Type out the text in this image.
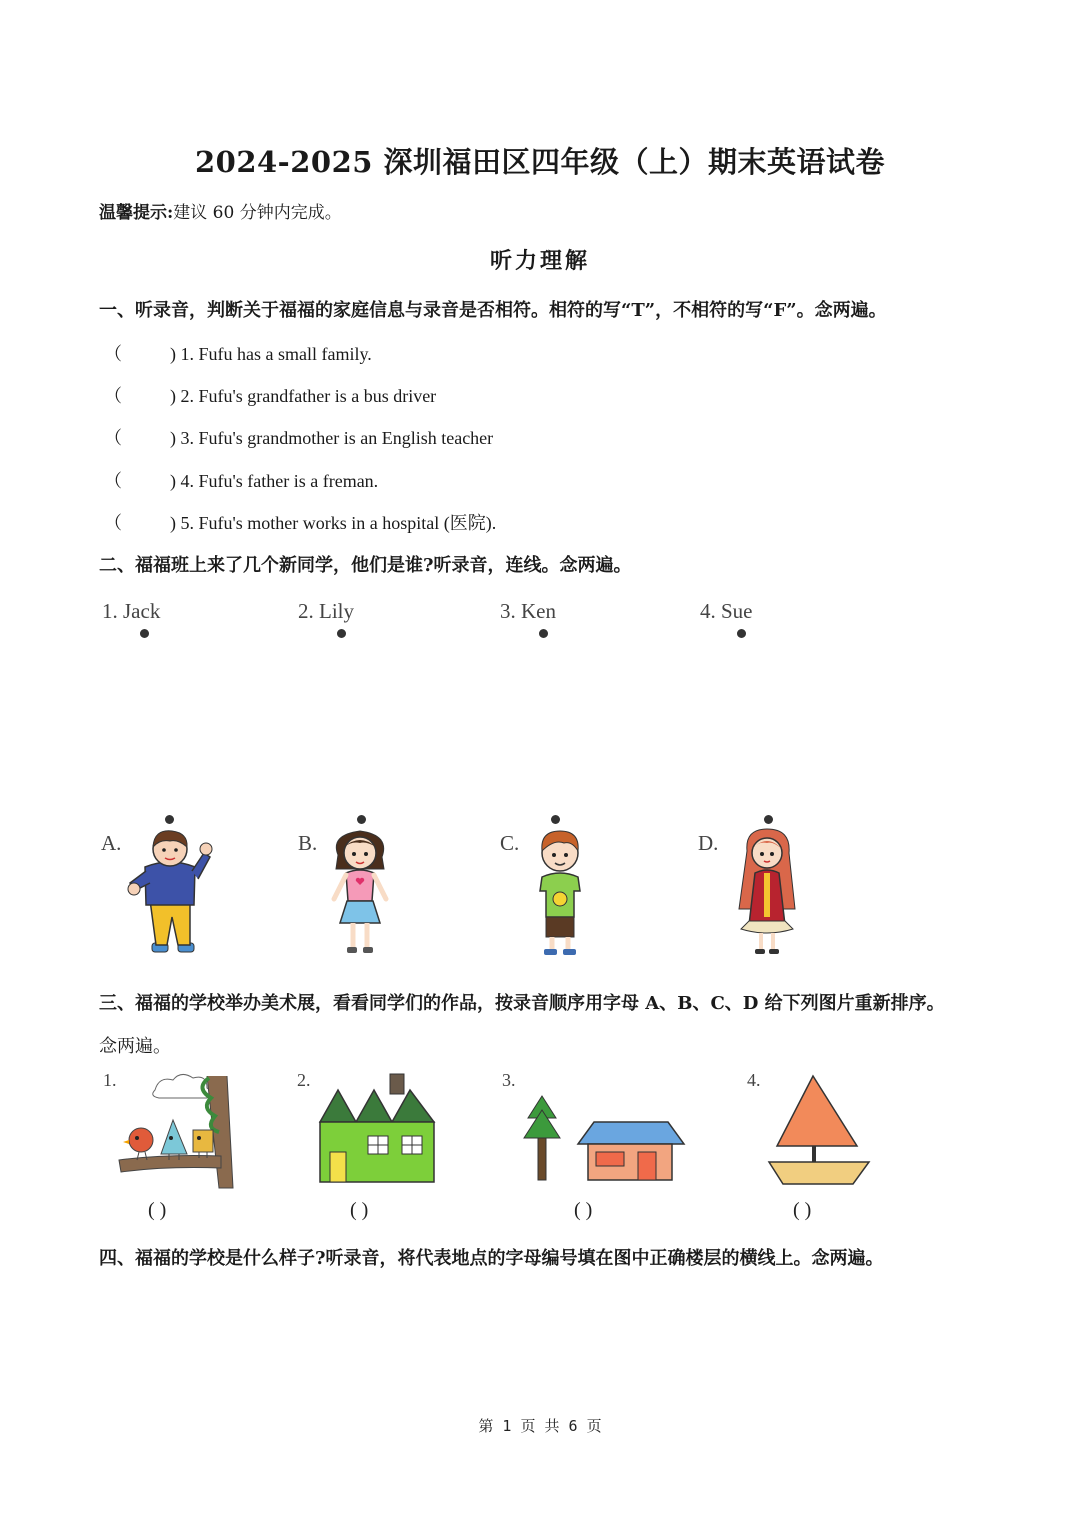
2024-2025 深圳福田区四年级（上）期末英语试卷
温馨提示:建议 60 分钟内完成。
听力理解
一、听录音，判断关于福福的家庭信息与录音是否相符。相符的写“T”，不相符的写“F”。念两遍。
（	) 1. Fufu has a small family.
（	) 2. Fufu's grandfather is a bus driver
（	) 3. Fufu's grandmother is an English teacher
（	) 4. Fufu's father is a freman.
（	) 5. Fufu's mother works in a hospital (医院).
二、福福班上来了几个新同学，他们是谁?听录音，连线。念两遍。
1. Jack	2. Lily	3. Ken	4. Sue
A.	B.	C.	D.
三、福福的学校举办美术展，看看同学们的作品，按录音顺序用字母 A、B、C、D 给下列图片重新排序。
念两遍。
1.	2.	3.	4.
( )	( )	( )	( )
四、福福的学校是什么样子?听录音，将代表地点的字母编号填在图中正确楼层的横线上。念两遍。
第 1 页 共 6 页
